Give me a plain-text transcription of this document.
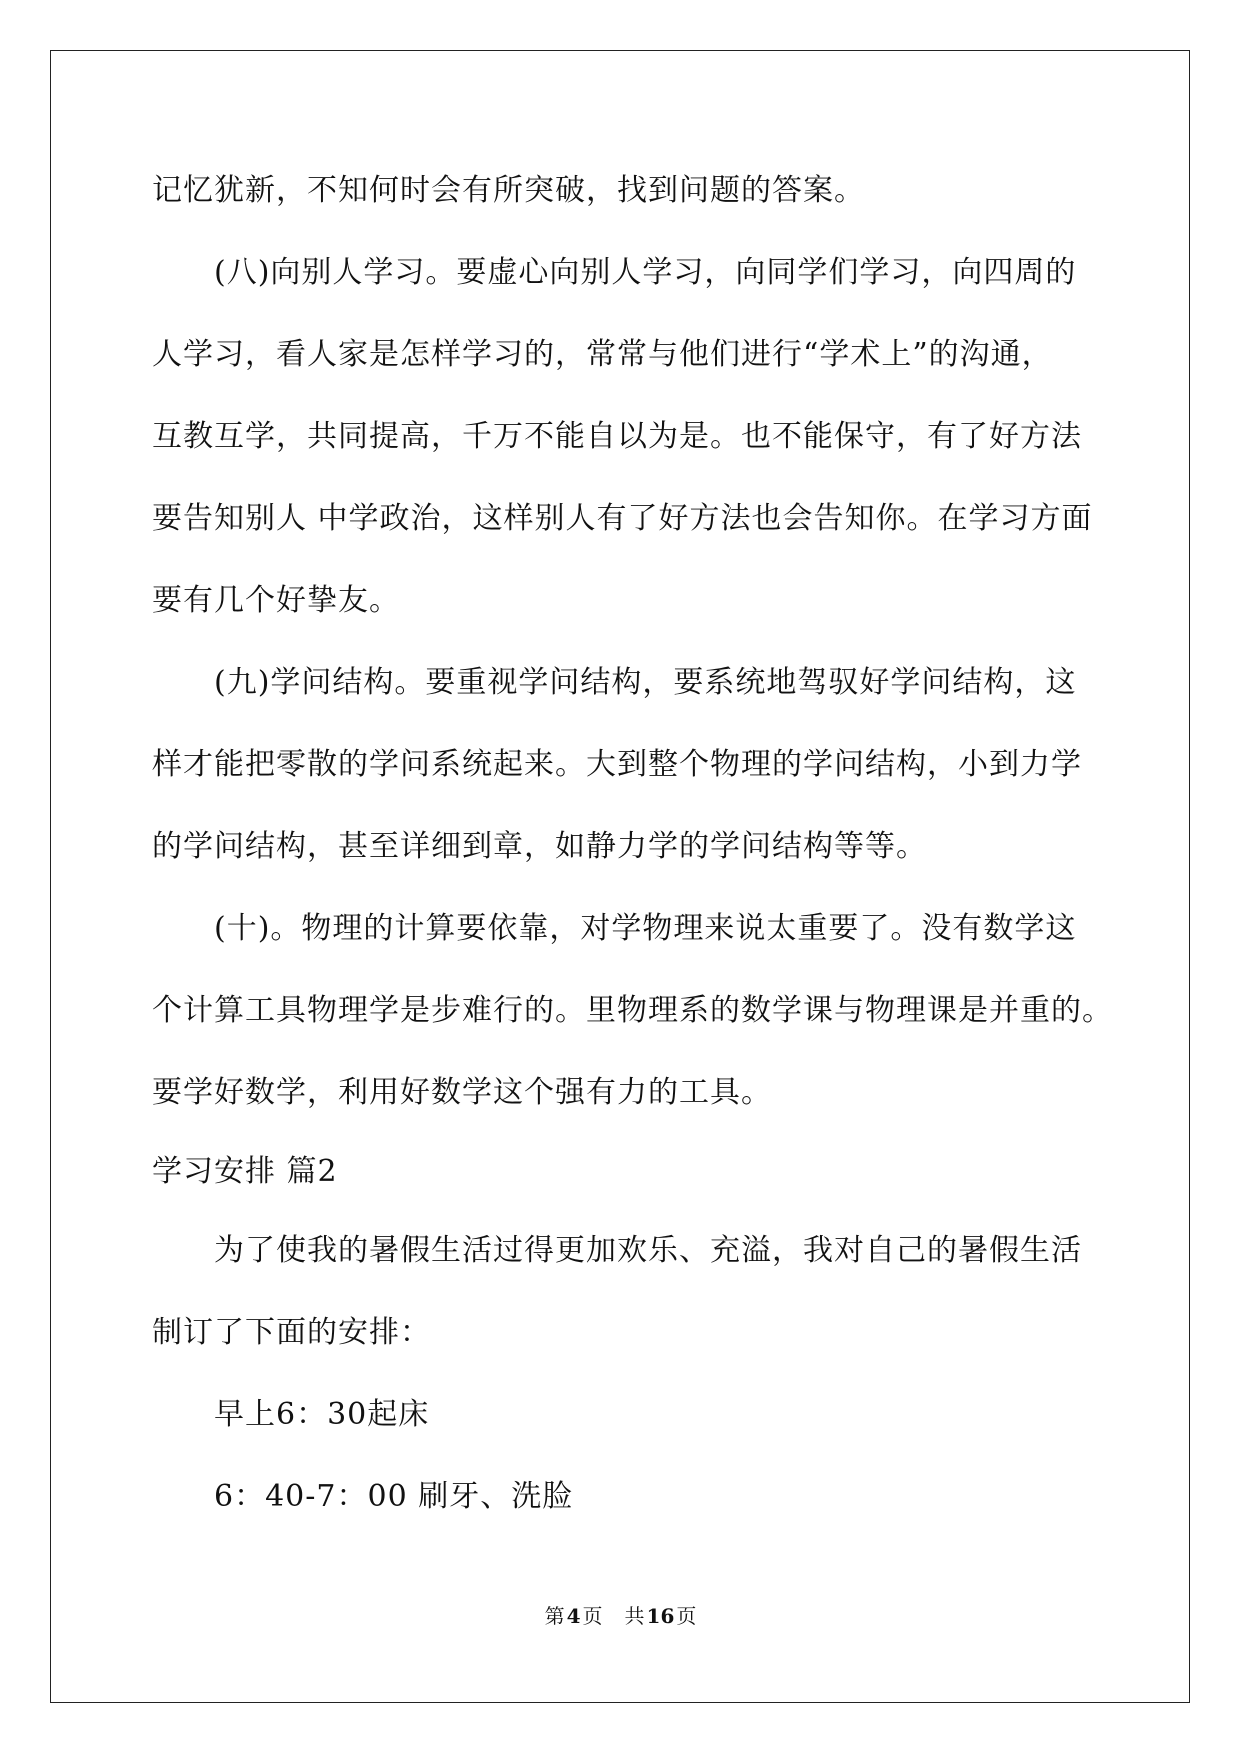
记忆犹新，不知何时会有所突破，找到问题的答案。
(八)向别人学习。要虚心向别人学习，向同学们学习，向四周的
人学习，看人家是怎样学习的，常常与他们进行“学术上”的沟通，
互教互学，共同提高，千万不能自以为是。也不能保守，有了好方法
要告知别人 中学政治，这样别人有了好方法也会告知你。在学习方面
要有几个好挚友。
(九)学问结构。要重视学问结构，要系统地驾驭好学问结构，这
样才能把零散的学问系统起来。大到整个物理的学问结构，小到力学
的学问结构，甚至详细到章，如静力学的学问结构等等。
(十)。物理的计算要依靠，对学物理来说太重要了。没有数学这
个计算工具物理学是步难行的。里物理系的数学课与物理课是并重的。
要学好数学，利用好数学这个强有力的工具。
学习安排 篇2
为了使我的暑假生活过得更加欢乐、充溢，我对自己的暑假生活
制订了下面的安排：
早上6：30起床
6：40-7：00 刷牙、洗脸
第 4 页 共 16 页
